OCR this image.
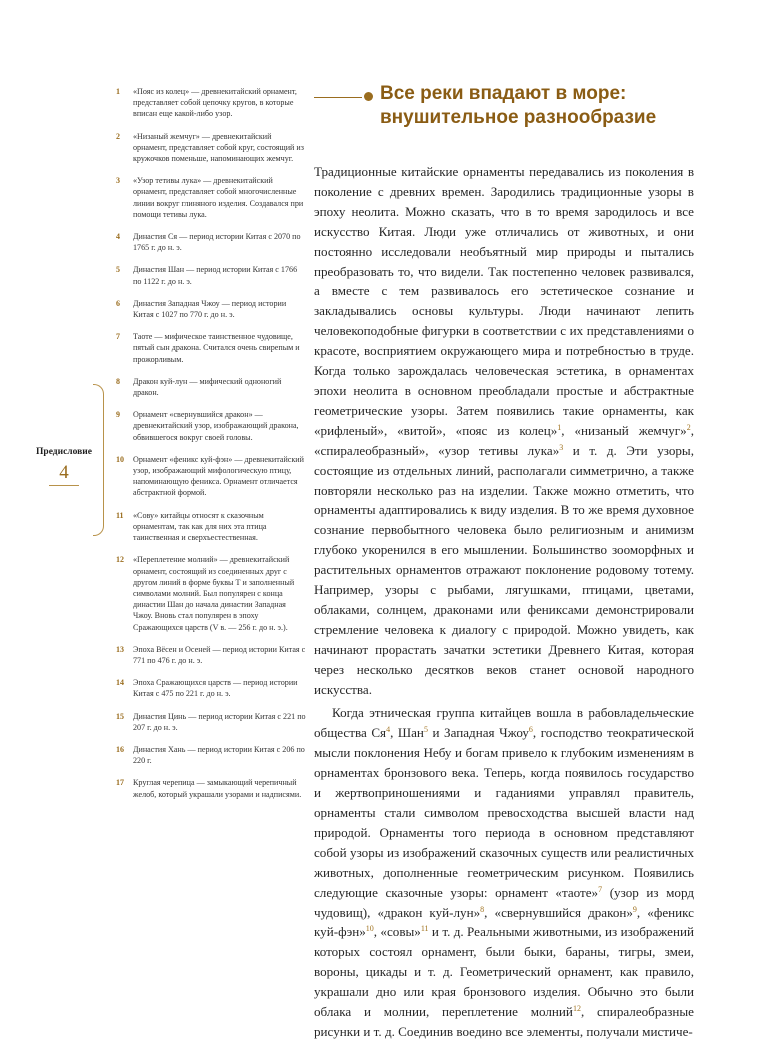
1	«Пояс из колец» — древнекитайский орнамент, представляет собой цепочку кругов, в которые вписан еще какой-либо узор.
2	«Низаный жемчуг» — древнекитайский орнамент, представляет собой круг, состоящий из кружочков поменьше, напоминающих жемчуг.
3	«Узор тетивы лука» — древнекитайский орнамент, представляет собой многочисленные линии вокруг глиняного изделия. Создавался при помощи тетивы лука.
4	Династия Ся — период истории Китая с 2070 по 1765 г. до н. э.
5	Династия Шан — период истории Китая с 1766 по 1122 г. до н. э.
6	Династия Западная Чжоу — период истории Китая с 1027 по 770 г. до н. э.
7	Таоте — мифическое таинственное чудовище, пятый сын дракона. Считался очень свирепым и прожорливым.
8	Дракон куй-лун — мифический одноногий дракон.
9	Орнамент «свернувшийся дракон» — древнекитайский узор, изображающий дракона, обвившегося вокруг своей головы.
10	Орнамент «феникс куй-фэн» — древнекитайский узор, изображающий мифологическую птицу, напоминающую феникса. Орнамент отличается абстрактной формой.
11	«Сову» китайцы относят к сказочным орнаментам, так как для них эта птица таинственная и сверхъестественная.
12	«Переплетение молний» — древнекитайский орнамент, состоящий из соединенных друг с другом линий в форме буквы Т и заполненный символами молний. Был популярен с конца династии Шан до начала династии Западная Чжоу. Вновь стал популярен в эпоху Сражающихся царств (V в. — 256 г. до н. э.).
13	Эпоха Вёсен и Осеней — период истории Китая с 771 по 476 г. до н. э.
14	Эпоха Сражающихся царств — период истории Китая с 475 по 221 г. до н. э.
15	Династия Цинь — период истории Китая с 221 по 207 г. до н. э.
16	Династия Хань — период истории Китая с 206 по 220 г.
17	Круглая черепица — замыкающий черепичный желоб, который украшали узорами и надписями.
Предисловие
4
Все реки впадают в море:
внушительное разнообразие

Традиционные китайские орнаменты передавались из поколения в поколение с древних времен. Зародились традиционные узоры в эпоху неолита. Можно сказать, что в то время зародилось и все искусство Китая. Люди уже отличались от животных, и они постоянно исследовали необъятный мир природы и пытались преобразовать то, что видели. Так постепенно человек развивался, а вместе с тем развивалось его эстетическое сознание и закладывались основы культуры. Люди начинают лепить человекоподобные фигурки в соответствии с их представлениями о красоте, восприятием окружающего мира и потребностью в труде. Когда только зарождалась человеческая эстетика, в орнаментах эпохи неолита в основном преобладали простые и абстрактные геометрические узоры. Затем появились такие орнаменты, как «рифленый», «витой», «пояс из колец»$^1$, «низаный жемчуг»$^2$, «спиралеобразный», «узор тетивы лука»$^3$ и т. д. Эти узоры, состоящие из отдельных линий, располагали симметрично, а также повторяли несколько раз на изделии. Также можно отметить, что орнаменты адаптировались к виду изделия. В то же время духовное сознание первобытного человека было религиозным и анимизм глубоко укоренился в его мышлении. Большинство зооморфных и растительных орнаментов отражают поклонение родовому тотему. Например, узоры с рыбами, лягушками, птицами, цветами, облаками, солнцем, драконами или фениксами демонстрировали стремление человека к диалогу с природой. Можно увидеть, как начинают прорастать зачатки эстетики Древнего Китая, которая через несколько десятков веков станет основой народного искусства.

Когда этническая группа китайцев вошла в рабовладельческие общества $Ся^4$, Шан$^5$ и Западная Чжоу$^6$, господство теократической мысли поклонения Небу и богам привело к глубоким изменениям в орнаментах бронзового века. Теперь, когда появилось государство и жертвоприношениями и гаданиями управлял правитель, орнаменты стали символом превосходства высшей власти над природой. Орнаменты того периода в основном представляют собой узоры из изображений сказочных существ или реалистичных животных, дополненные геометрическим рисунком. Появились следующие сказочные узоры: орнамент «таоте»$^7$ (узор из морд чудовищ), «дракон куй-лун»$^8$, «свернувшийся дракон»$^9$, «феникс куй-фэн»$^{10}$, «совы»$^{11}$ и т. д. Реальными животными, из изображений которых состоял орнамент, были быки, бараны, тигры, змеи, вороны, цикады и т. д. Геометрический орнамент, как правило, украшали дно или края бронзового изделия. Обычно это были облака и молнии, переплетение молний$^{12}$, спиралеобразные рисунки и т. д. Соединив воедино все элементы, получали мистиче-
